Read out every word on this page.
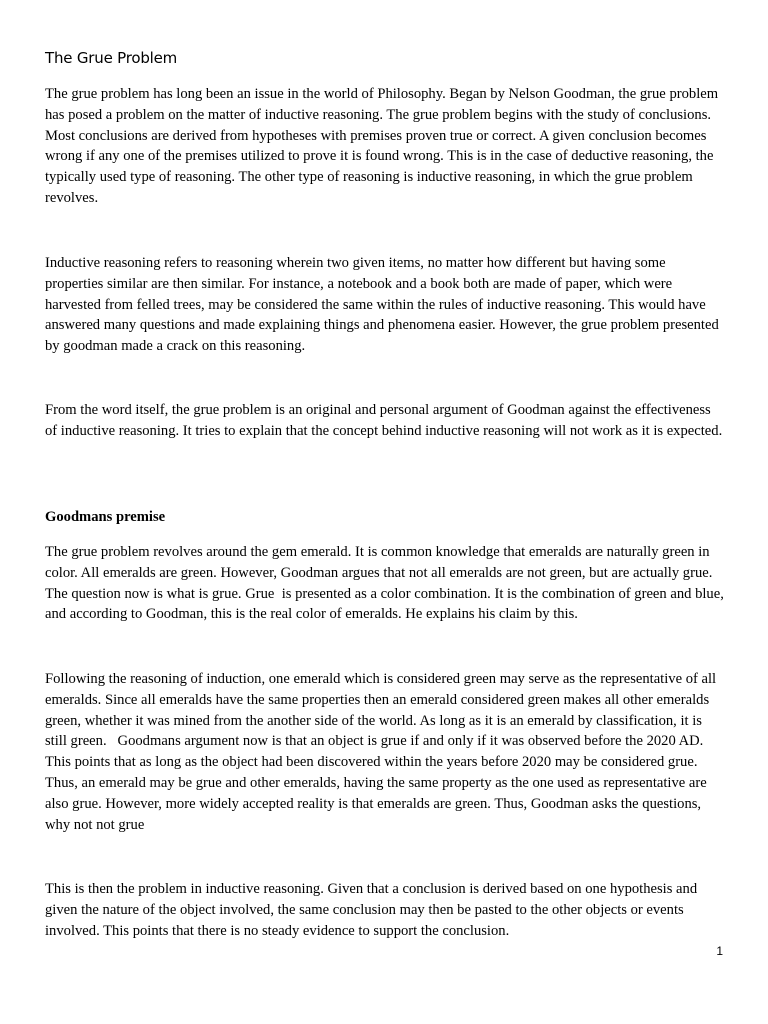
The Grue Problem

The grue problem has long been an issue in the world of Philosophy. Began by Nelson Goodman, the grue problem has posed a problem on the matter of inductive reasoning. The grue problem begins with the study of conclusions. Most conclusions are derived from hypotheses with premises proven true or correct. A given conclusion becomes wrong if any one of the premises utilized to prove it is found wrong. This is in the case of deductive reasoning, the typically used type of reasoning. The other type of reasoning is inductive reasoning, in which the grue problem revolves.

Inductive reasoning refers to reasoning wherein two given items, no matter how different but having some properties similar are then similar. For instance, a notebook and a book both are made of paper, which were harvested from felled trees, may be considered the same within the rules of inductive reasoning. This would have answered many questions and made explaining things and phenomena easier. However, the grue problem presented by goodman made a crack on this reasoning.

From the word itself, the grue problem is an original and personal argument of Goodman against the effectiveness of inductive reasoning. It tries to explain that the concept behind inductive reasoning will not work as it is expected.

Goodmans premise

The grue problem revolves around the gem emerald. It is common knowledge that emeralds are naturally green in color. All emeralds are green. However, Goodman argues that not all emeralds are not green, but are actually grue. The question now is what is grue. Grue  is presented as a color combination. It is the combination of green and blue, and according to Goodman, this is the real color of emeralds. He explains his claim by this.

Following the reasoning of induction, one emerald which is considered green may serve as the representative of all emeralds. Since all emeralds have the same properties then an emerald considered green makes all other emeralds green, whether it was mined from the another side of the world. As long as it is an emerald by classification, it is still green.   Goodmans argument now is that an object is grue if and only if it was observed before the 2020 AD. This points that as long as the object had been discovered within the years before 2020 may be considered grue. Thus, an emerald may be grue and other emeralds, having the same property as the one used as representative are also grue. However, more widely accepted reality is that emeralds are green. Thus, Goodman asks the questions, why not not grue

This is then the problem in inductive reasoning. Given that a conclusion is derived based on one hypothesis and given the nature of the object involved, the same conclusion may then be pasted to the other objects or events involved. This points that there is no steady evidence to support the conclusion.

1
